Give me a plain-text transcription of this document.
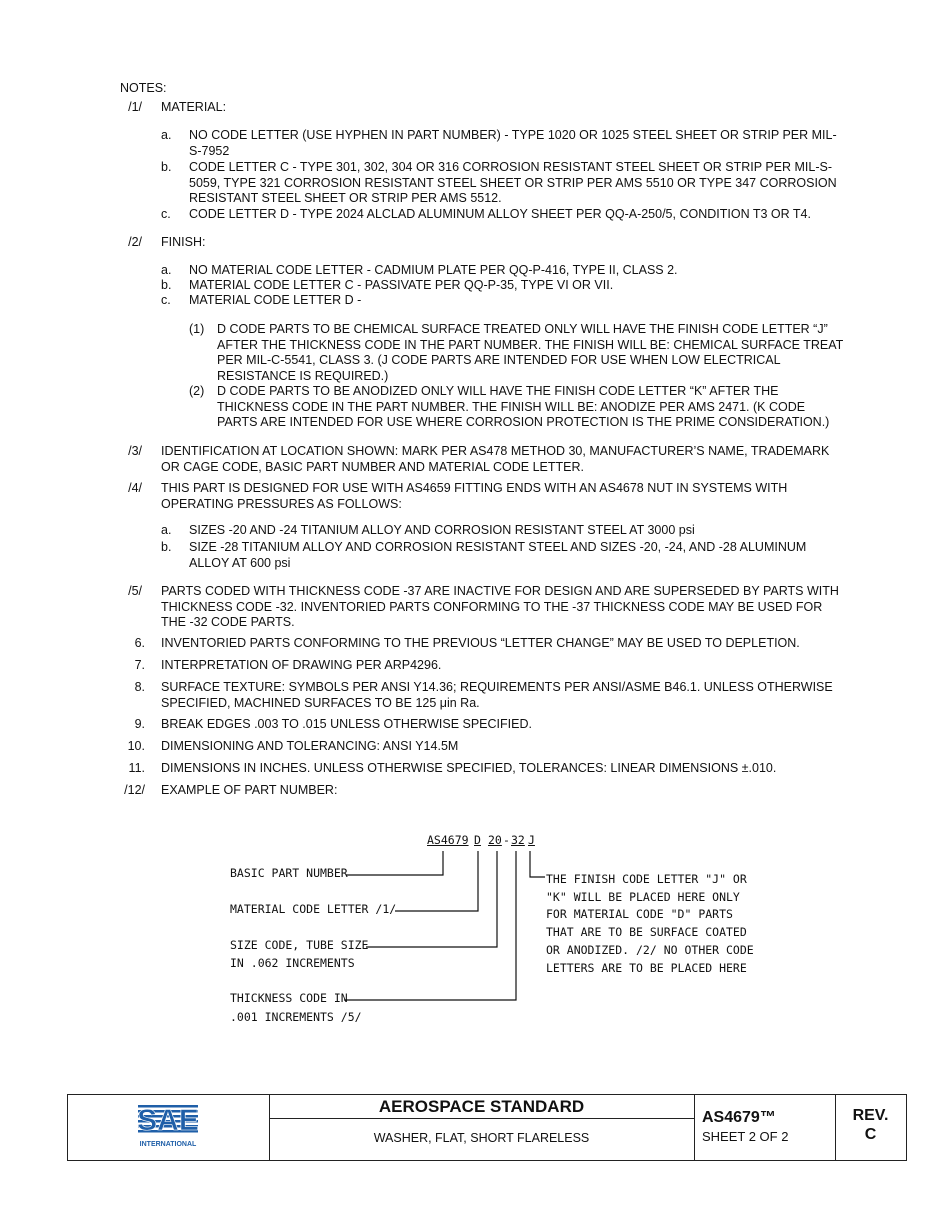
NOTES:
/1/ MATERIAL:
a. NO CODE LETTER (USE HYPHEN IN PART NUMBER) - TYPE 1020 OR 1025 STEEL SHEET OR STRIP PER MIL-
S-7952
b. CODE LETTER C - TYPE 301, 302, 304 OR 316 CORROSION RESISTANT STEEL SHEET OR STRIP PER MIL-S-
5059, TYPE 321 CORROSION RESISTANT STEEL SHEET OR STRIP PER AMS 5510 OR TYPE 347 CORROSION
RESISTANT STEEL SHEET OR STRIP PER AMS 5512.
c. CODE LETTER D - TYPE 2024 ALCLAD ALUMINUM ALLOY SHEET PER QQ-A-250/5, CONDITION T3 OR T4.
/2/ FINISH:
a. NO MATERIAL CODE LETTER - CADMIUM PLATE PER QQ-P-416, TYPE II, CLASS 2.
b. MATERIAL CODE LETTER C - PASSIVATE PER QQ-P-35, TYPE VI OR VII.
c. MATERIAL CODE LETTER D -
(1) D CODE PARTS TO BE CHEMICAL SURFACE TREATED ONLY WILL HAVE THE FINISH CODE LETTER “J”
AFTER THE THICKNESS CODE IN THE PART NUMBER. THE FINISH WILL BE: CHEMICAL SURFACE TREAT
PER MIL-C-5541, CLASS 3. (J CODE PARTS ARE INTENDED FOR USE WHEN LOW ELECTRICAL
RESISTANCE IS REQUIRED.)
(2) D CODE PARTS TO BE ANODIZED ONLY WILL HAVE THE FINISH CODE LETTER “K” AFTER THE
THICKNESS CODE IN THE PART NUMBER. THE FINISH WILL BE: ANODIZE PER AMS 2471. (K CODE
PARTS ARE INTENDED FOR USE WHERE CORROSION PROTECTION IS THE PRIME CONSIDERATION.)
/3/ IDENTIFICATION AT LOCATION SHOWN: MARK PER AS478 METHOD 30, MANUFACTURER’S NAME, TRADEMARK
OR CAGE CODE, BASIC PART NUMBER AND MATERIAL CODE LETTER.
/4/ THIS PART IS DESIGNED FOR USE WITH AS4659 FITTING ENDS WITH AN AS4678 NUT IN SYSTEMS WITH
OPERATING PRESSURES AS FOLLOWS:
a. SIZES -20 AND -24 TITANIUM ALLOY AND CORROSION RESISTANT STEEL AT 3000 psi
b. SIZE -28 TITANIUM ALLOY AND CORROSION RESISTANT STEEL AND SIZES -20, -24, AND -28 ALUMINUM
ALLOY AT 600 psi
/5/ PARTS CODED WITH THICKNESS CODE -37 ARE INACTIVE FOR DESIGN AND ARE SUPERSEDED BY PARTS WITH
THICKNESS CODE -32. INVENTORIED PARTS CONFORMING TO THE -37 THICKNESS CODE MAY BE USED FOR
THE -32 CODE PARTS.
6. INVENTORIED PARTS CONFORMING TO THE PREVIOUS “LETTER CHANGE” MAY BE USED TO DEPLETION.
7. INTERPRETATION OF DRAWING PER ARP4296.
8. SURFACE TEXTURE: SYMBOLS PER ANSI Y14.36; REQUIREMENTS PER ANSI/ASME B46.1. UNLESS OTHERWISE
SPECIFIED, MACHINED SURFACES TO BE 125 μin Ra.
9. BREAK EDGES .003 TO .015 UNLESS OTHERWISE SPECIFIED.
10. DIMENSIONING AND TOLERANCING: ANSI Y14.5M
11. DIMENSIONS IN INCHES. UNLESS OTHERWISE SPECIFIED, TOLERANCES: LINEAR DIMENSIONS ±.010.
/12/ EXAMPLE OF PART NUMBER:
AS4679 D 20 - 32 J
BASIC PART NUMBER
MATERIAL CODE LETTER /1/
SIZE CODE, TUBE SIZE
IN .062 INCREMENTS
THICKNESS CODE IN
.001 INCREMENTS /5/
THE FINISH CODE LETTER "J" OR
"K" WILL BE PLACED HERE ONLY
FOR MATERIAL CODE "D" PARTS
THAT ARE TO BE SURFACE COATED
OR ANODIZED. /2/ NO OTHER CODE
LETTERS ARE TO BE PLACED HERE
SAE
INTERNATIONAL
AEROSPACE STANDARD
WASHER, FLAT, SHORT FLARELESS
AS4679™
SHEET 2 OF 2
REV.
C
